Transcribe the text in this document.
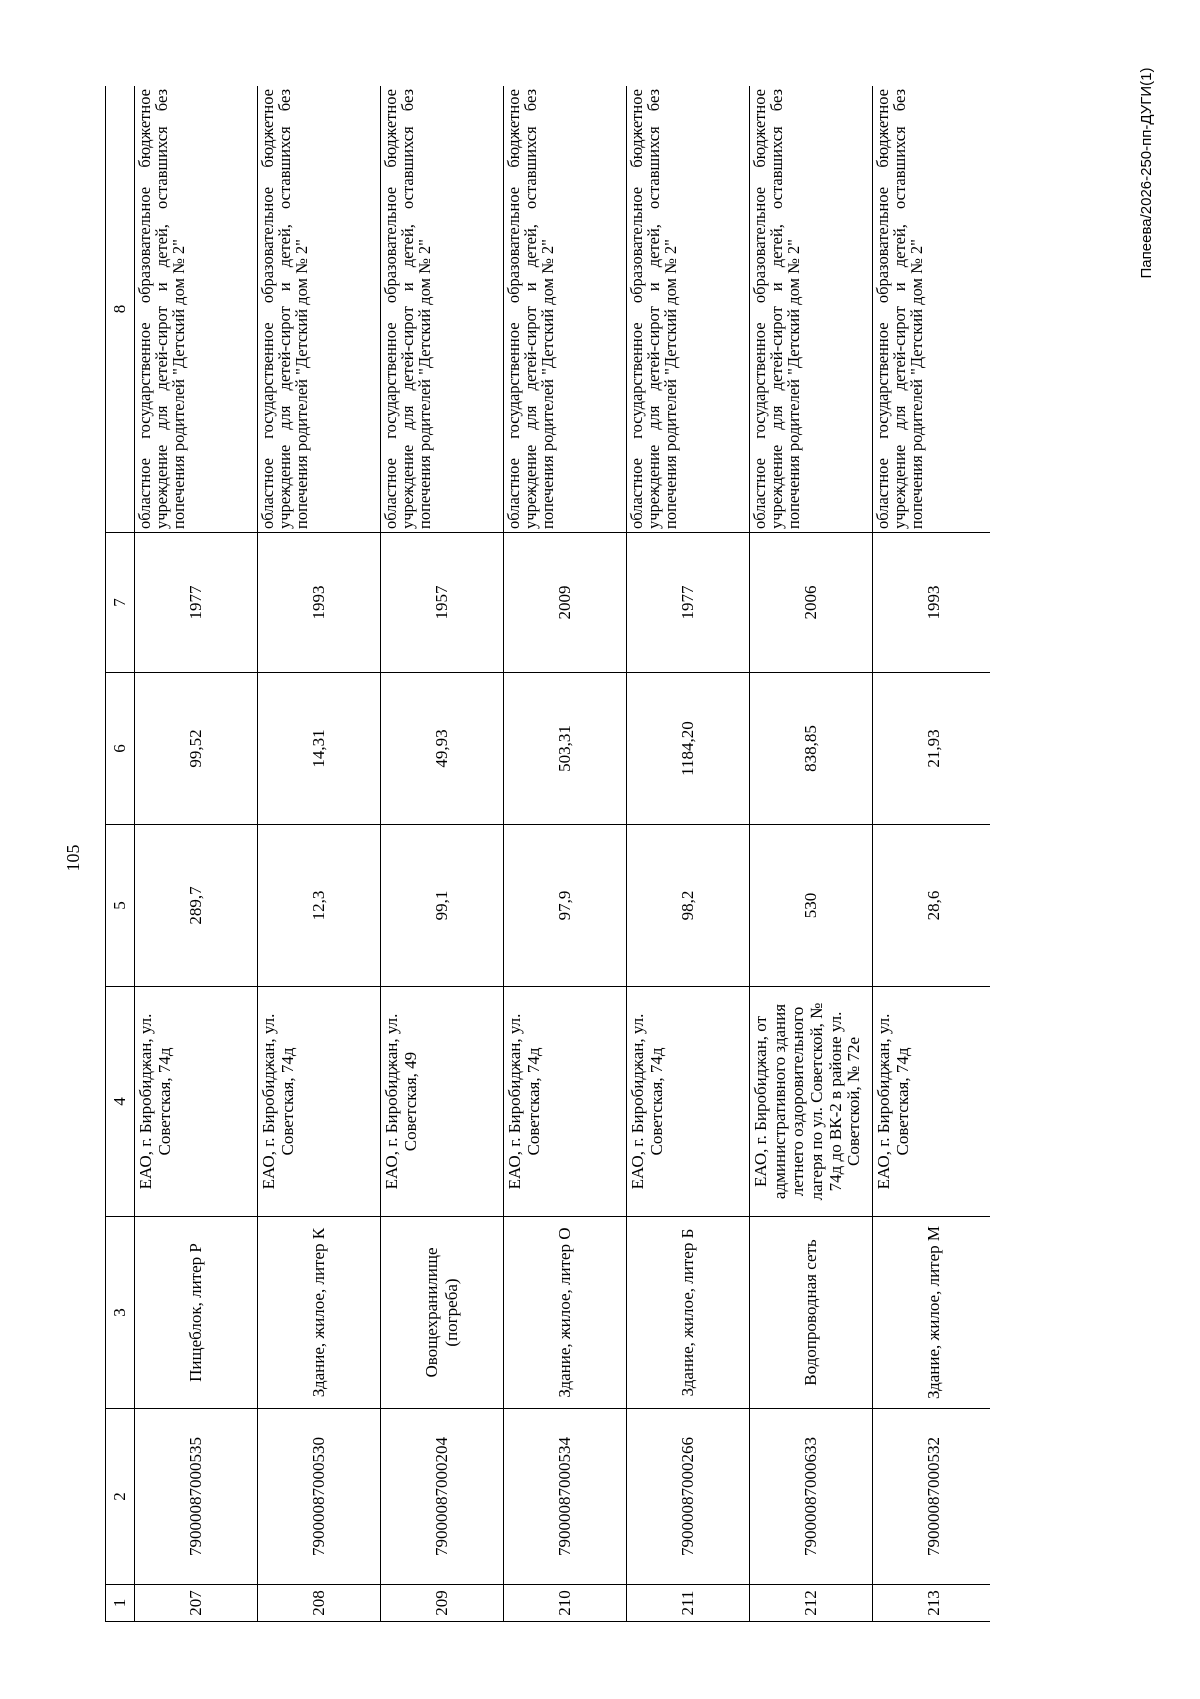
105
Папеева/2026-250-пп-ДУГИ(1)
1	2	3	4	5	6	7	8
207	79000087000535	Пищеблок, литер Р	ЕАО, г. Биробиджан, ул. Советская, 74д	289,7	99,52	1977	областное государственное образовательное бюджетное учреждение для детей-сирот и детей, оставшихся без попечения родителей "Детский дом № 2"
208	79000087000530	Здание, жилое, литер К	ЕАО, г. Биробиджан, ул. Советская, 74д	12,3	14,31	1993	областное государственное образовательное бюджетное учреждение для детей-сирот и детей, оставшихся без попечения родителей "Детский дом № 2"
209	79000087000204	Овощехранилище (погреба)	ЕАО, г. Биробиджан, ул. Советская, 49	99,1	49,93	1957	областное государственное образовательное бюджетное учреждение для детей-сирот и детей, оставшихся без попечения родителей "Детский дом № 2"
210	79000087000534	Здание, жилое, литер О	ЕАО, г. Биробиджан, ул. Советская, 74д	97,9	503,31	2009	областное государственное образовательное бюджетное учреждение для детей-сирот и детей, оставшихся без попечения родителей "Детский дом № 2"
211	79000087000266	Здание, жилое, литер Б	ЕАО, г. Биробиджан, ул. Советская, 74д	98,2	1184,20	1977	областное государственное образовательное бюджетное учреждение для детей-сирот и детей, оставшихся без попечения родителей "Детский дом № 2"
212	79000087000633	Водопроводная сеть	ЕАО, г. Биробиджан, от административного здания летнего оздоровительного лагеря по ул. Советской, № 74д до ВК-2 в районе ул. Советской, № 72е	530	838,85	2006	областное государственное образовательное бюджетное учреждение для детей-сирот и детей, оставшихся без попечения родителей "Детский дом № 2"
213	79000087000532	Здание, жилое, литер М	ЕАО, г. Биробиджан, ул. Советская, 74д	28,6	21,93	1993	областное государственное образовательное бюджетное учреждение для детей-сирот и детей, оставшихся без попечения родителей "Детский дом № 2"
